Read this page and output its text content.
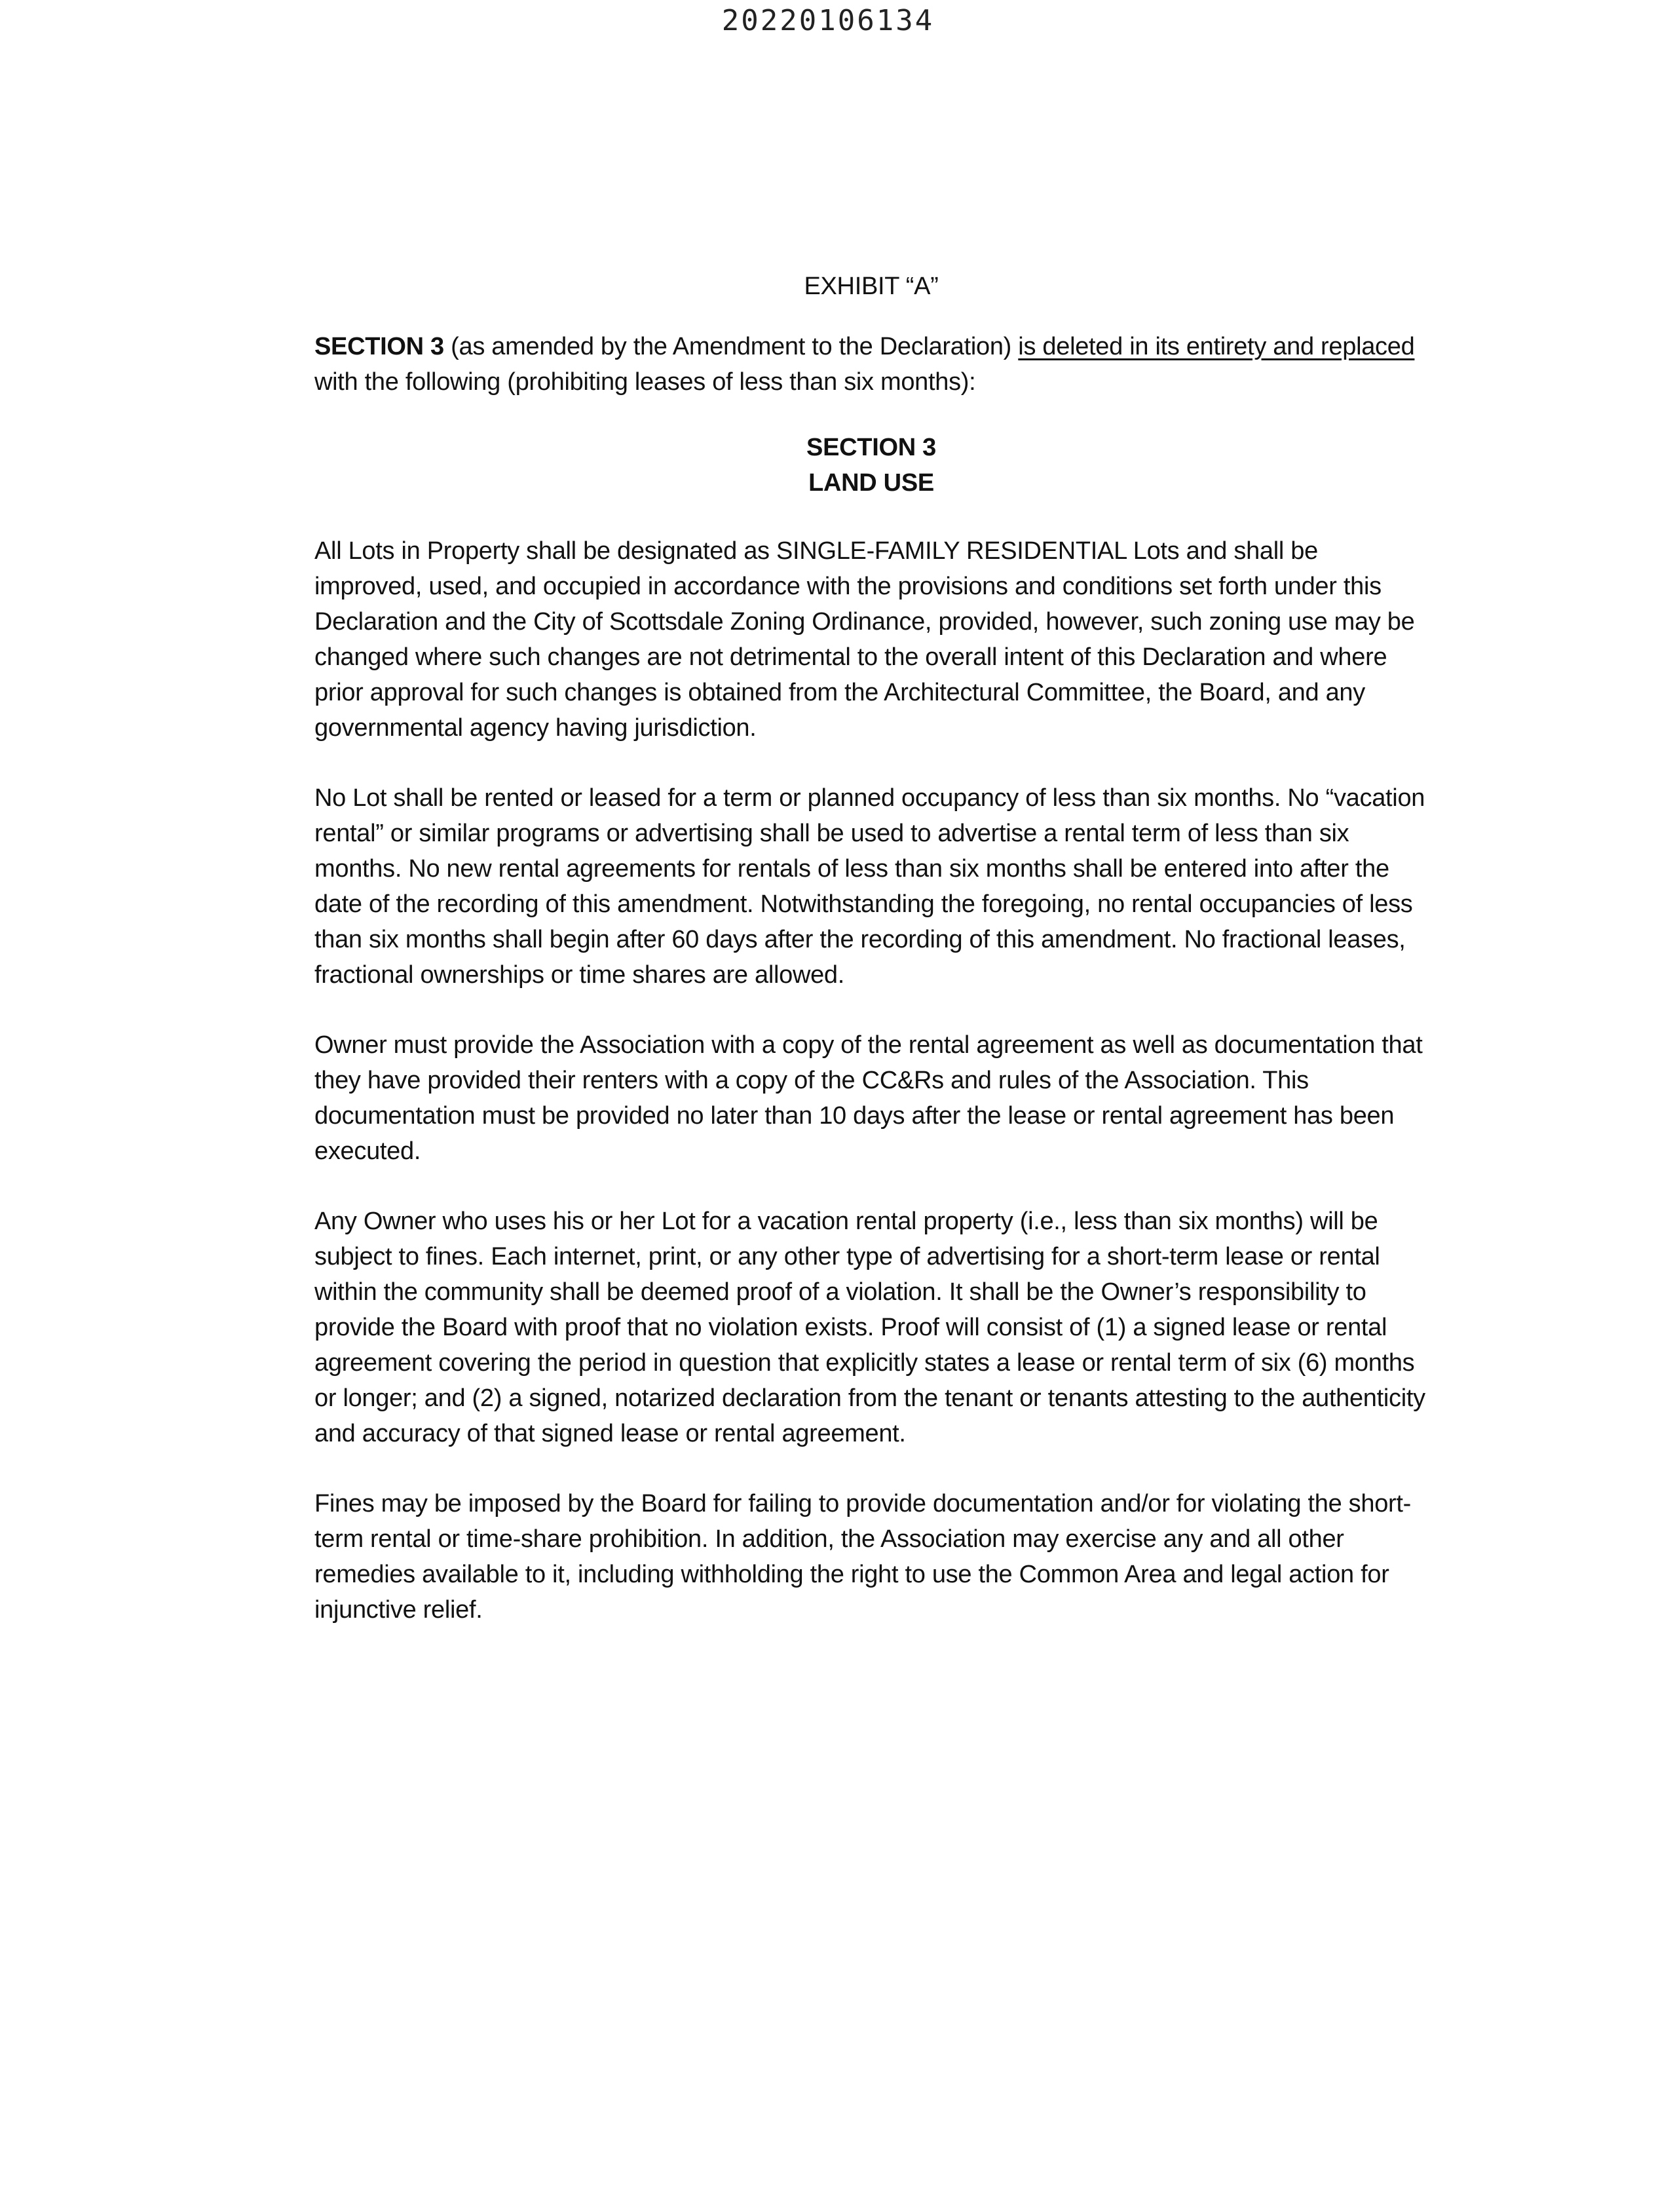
20220106134
EXHIBIT “A”

SECTION 3 (as amended by the Amendment to the Declaration) is deleted in its entirety and replaced with the following (prohibiting leases of less than six months):

SECTION 3
LAND USE

All Lots in Property shall be designated as SINGLE-FAMILY RESIDENTIAL Lots and shall be improved, used, and occupied in accordance with the provisions and conditions set forth under this Declaration and the City of Scottsdale Zoning Ordinance, provided, however, such zoning use may be changed where such changes are not detrimental to the overall intent of this Declaration and where prior approval for such changes is obtained from the Architectural Committee, the Board, and any governmental agency having jurisdiction.

No Lot shall be rented or leased for a term or planned occupancy of less than six months. No “vacation rental” or similar programs or advertising shall be used to advertise a rental term of less than six months. No new rental agreements for rentals of less than six months shall be entered into after the date of the recording of this amendment. Notwithstanding the foregoing, no rental occupancies of less than six months shall begin after 60 days after the recording of this amendment. No fractional leases, fractional ownerships or time shares are allowed.

Owner must provide the Association with a copy of the rental agreement as well as documentation that they have provided their renters with a copy of the CC&Rs and rules of the Association. This documentation must be provided no later than 10 days after the lease or rental agreement has been executed.

Any Owner who uses his or her Lot for a vacation rental property (i.e., less than six months) will be subject to fines. Each internet, print, or any other type of advertising for a short-term lease or rental within the community shall be deemed proof of a violation. It shall be the Owner’s responsibility to provide the Board with proof that no violation exists. Proof will consist of (1) a signed lease or rental agreement covering the period in question that explicitly states a lease or rental term of six (6) months or longer; and (2) a signed, notarized declaration from the tenant or tenants attesting to the authenticity and accuracy of that signed lease or rental agreement.

Fines may be imposed by the Board for failing to provide documentation and/or for violating the short-term rental or time-share prohibition. In addition, the Association may exercise any and all other remedies available to it, including withholding the right to use the Common Area and legal action for injunctive relief.
